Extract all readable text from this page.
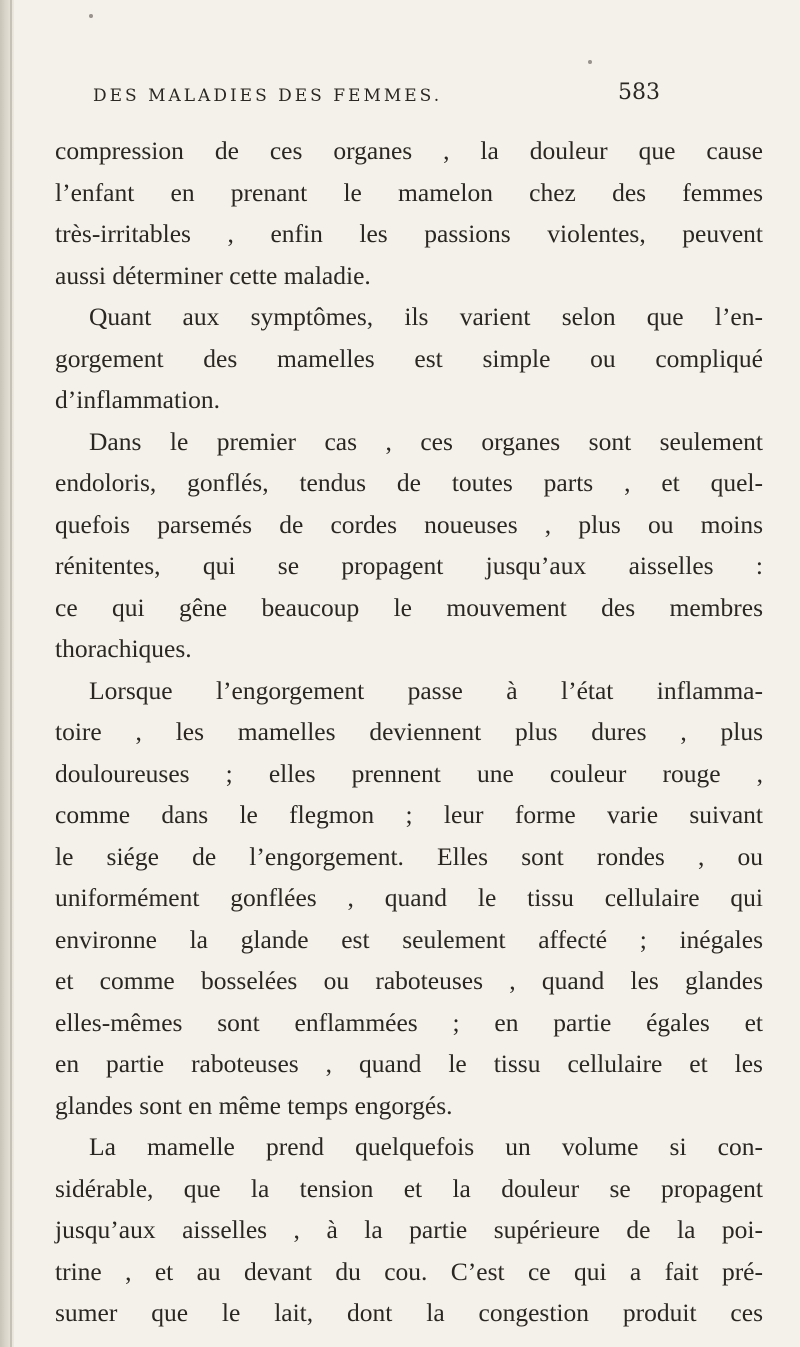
DES MALADIES DES FEMMES.	583
compression de ces organes , la douleur que cause
l’enfant en prenant le mamelon chez des femmes
très-irritables , enfin les passions violentes, peuvent
aussi déterminer cette maladie.
Quant aux symptômes, ils varient selon que l’en-
gorgement des mamelles est simple ou compliqué
d’inflammation.
Dans le premier cas , ces organes sont seulement
endoloris, gonflés, tendus de toutes parts , et quel-
quefois parsemés de cordes noueuses , plus ou moins
rénitentes, qui se propagent jusqu’aux aisselles :
ce qui gêne beaucoup le mouvement des membres
thorachiques.
Lorsque l’engorgement passe à l’état inflamma-
toire , les mamelles deviennent plus dures , plus
douloureuses ; elles prennent une couleur rouge ,
comme dans le flegmon ; leur forme varie suivant
le siége de l’engorgement. Elles sont rondes , ou
uniformément gonflées , quand le tissu cellulaire qui
environne la glande est seulement affecté ; inégales
et comme bosselées ou raboteuses , quand les glandes
elles-mêmes sont enflammées ; en partie égales et
en partie raboteuses , quand le tissu cellulaire et les
glandes sont en même temps engorgés.
La mamelle prend quelquefois un volume si con-
sidérable, que la tension et la douleur se propagent
jusqu’aux aisselles , à la partie supérieure de la poi-
trine , et au devant du cou. C’est ce qui a fait pré-
sumer que le lait, dont la congestion produit ces
